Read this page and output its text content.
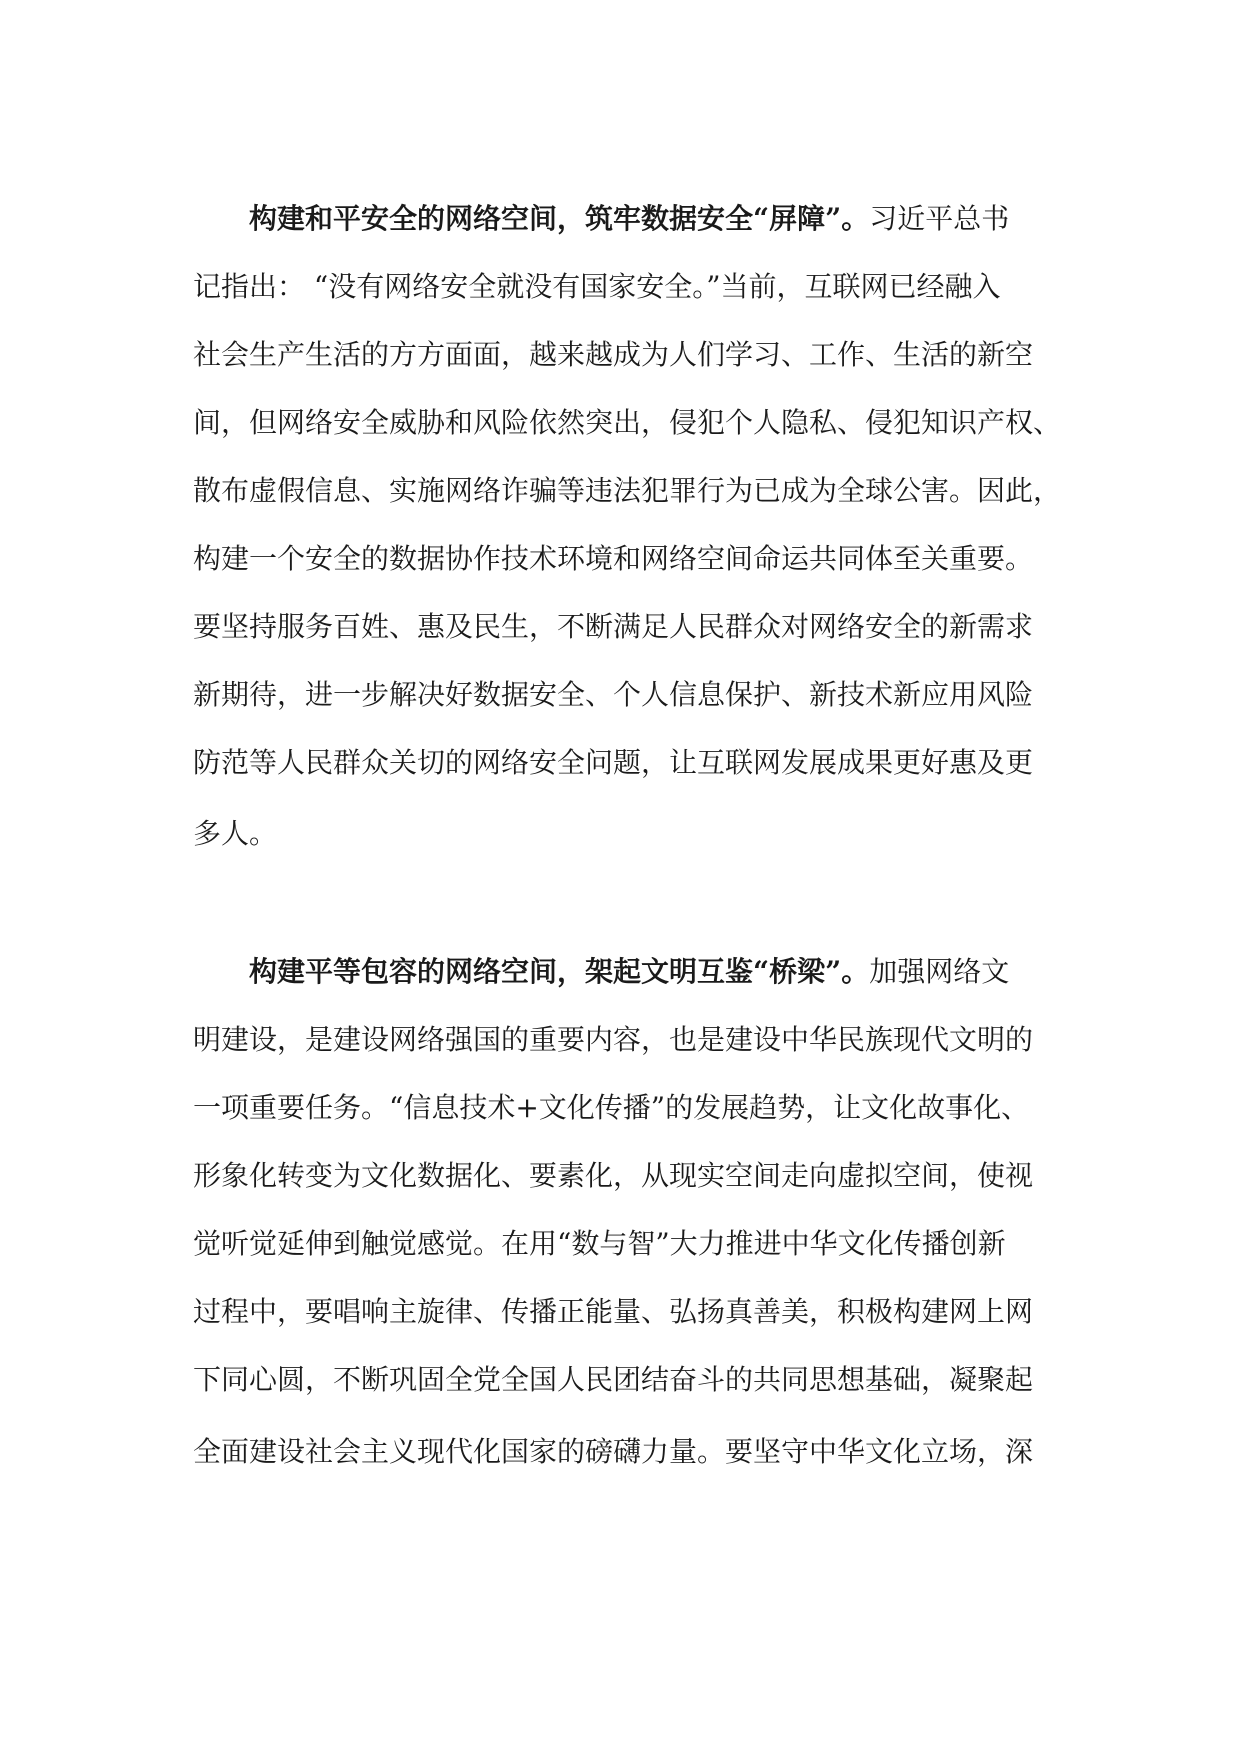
构建和平安全的网络空间，筑牢数据安全“屏障”。习近平总书
记指出： “没有网络安全就没有国家安全。”当前，互联网已经融入
社会生产生活的方方面面，越来越成为人们学习、工作、生活的新空
间，但网络安全威胁和风险依然突出，侵犯个人隐私、侵犯知识产权、
散布虚假信息、实施网络诈骗等违法犯罪行为已成为全球公害。因此，
构建一个安全的数据协作技术环境和网络空间命运共同体至关重要。
要坚持服务百姓、惠及民生，不断满足人民群众对网络安全的新需求
新期待，进一步解决好数据安全、个人信息保护、新技术新应用风险
防范等人民群众关切的网络安全问题，让互联网发展成果更好惠及更
多人。
构建平等包容的网络空间，架起文明互鉴“桥梁”。加强网络文
明建设，是建设网络强国的重要内容，也是建设中华民族现代文明的
一项重要任务。“信息技术+文化传播”的发展趋势，让文化故事化、
形象化转变为文化数据化、要素化，从现实空间走向虚拟空间，使视
觉听觉延伸到触觉感觉。在用“数与智”大力推进中华文化传播创新
过程中，要唱响主旋律、传播正能量、弘扬真善美，积极构建网上网
下同心圆，不断巩固全党全国人民团结奋斗的共同思想基础，凝聚起
全面建设社会主义现代化国家的磅礴力量。要坚守中华文化立场，深
